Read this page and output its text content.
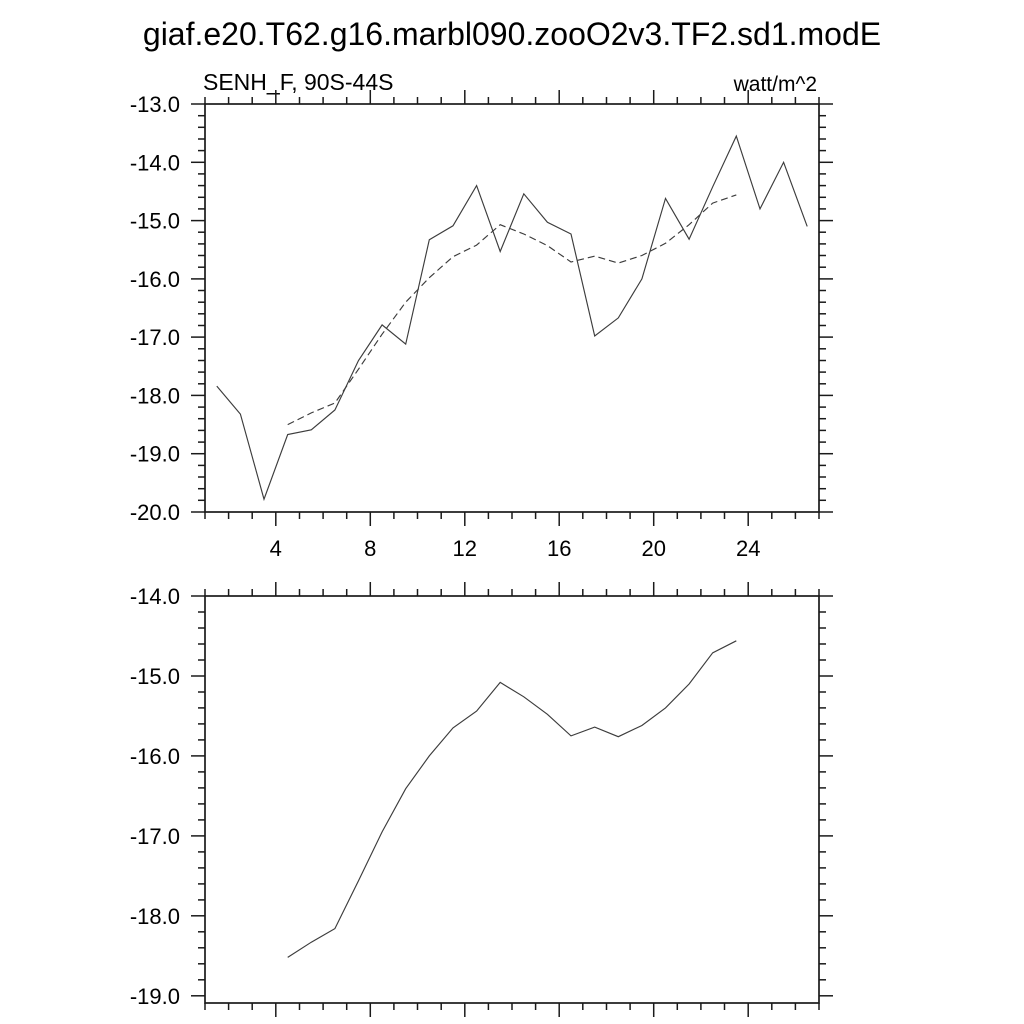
giaf.e20.T62.g16.marbl090.zooO2v3.TF2.sd1.modE
SENH_F, 90S-44S	watt/m^2
4	8	12	16	20	24
-13.0
-14.0
-15.0
-16.0
-17.0
-18.0
-19.0
-20.0
-14.0
-15.0
-16.0
-17.0
-18.0
-19.0
